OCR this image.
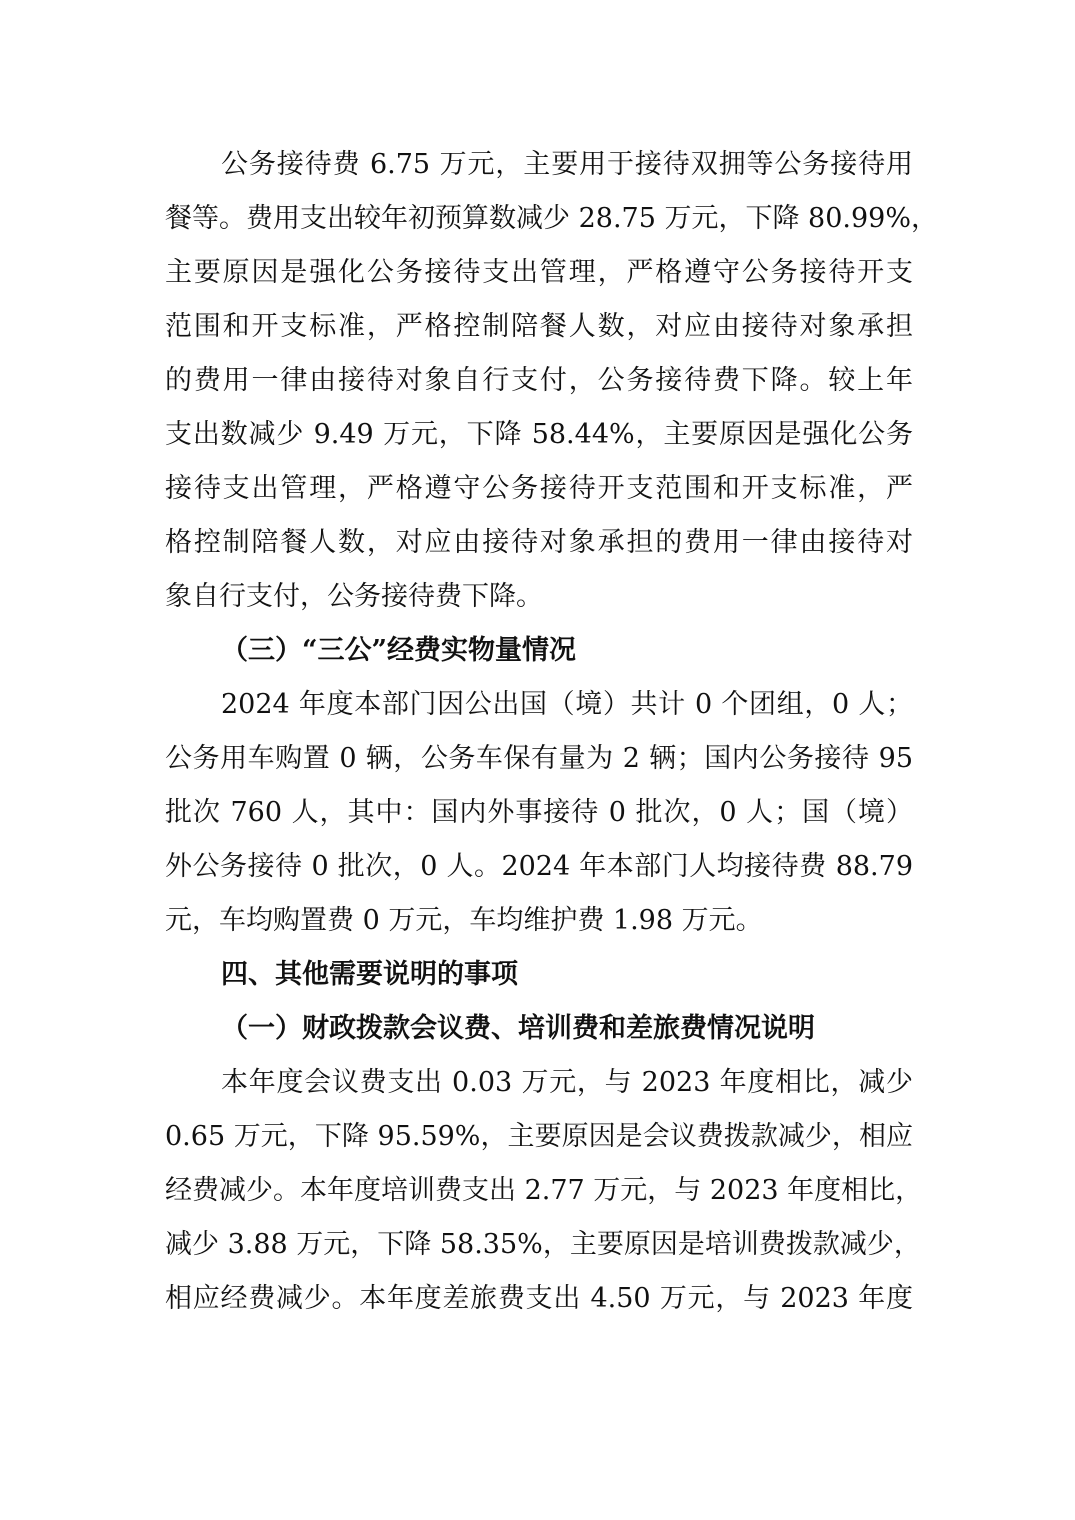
公务接待费 6.75 万元，主要用于接待双拥等公务接待用
餐等。费用支出较年初预算数减少 28.75 万元，下降 80.99%，
主要原因是强化公务接待支出管理，严格遵守公务接待开支
范围和开支标准，严格控制陪餐人数，对应由接待对象承担
的费用一律由接待对象自行支付，公务接待费下降。较上年
支出数减少 9.49 万元，下降 58.44%，主要原因是强化公务
接待支出管理，严格遵守公务接待开支范围和开支标准，严
格控制陪餐人数，对应由接待对象承担的费用一律由接待对
象自行支付，公务接待费下降。
（三）“三公”经费实物量情况
2024 年度本部门因公出国（境）共计 0 个团组，0 人；
公务用车购置 0 辆，公务车保有量为 2 辆；国内公务接待 95
批次 760 人，其中：国内外事接待 0 批次，0 人；国（境）
外公务接待 0 批次，0 人。2024 年本部门人均接待费 88.79
元，车均购置费 0 万元，车均维护费 1.98 万元。
四、其他需要说明的事项
（一）财政拨款会议费、培训费和差旅费情况说明
本年度会议费支出 0.03 万元，与 2023 年度相比，减少
0.65 万元，下降 95.59%，主要原因是会议费拨款减少，相应
经费减少。本年度培训费支出 2.77 万元，与 2023 年度相比，
减少 3.88 万元，下降 58.35%，主要原因是培训费拨款减少，
相应经费减少。本年度差旅费支出 4.50 万元，与 2023 年度
